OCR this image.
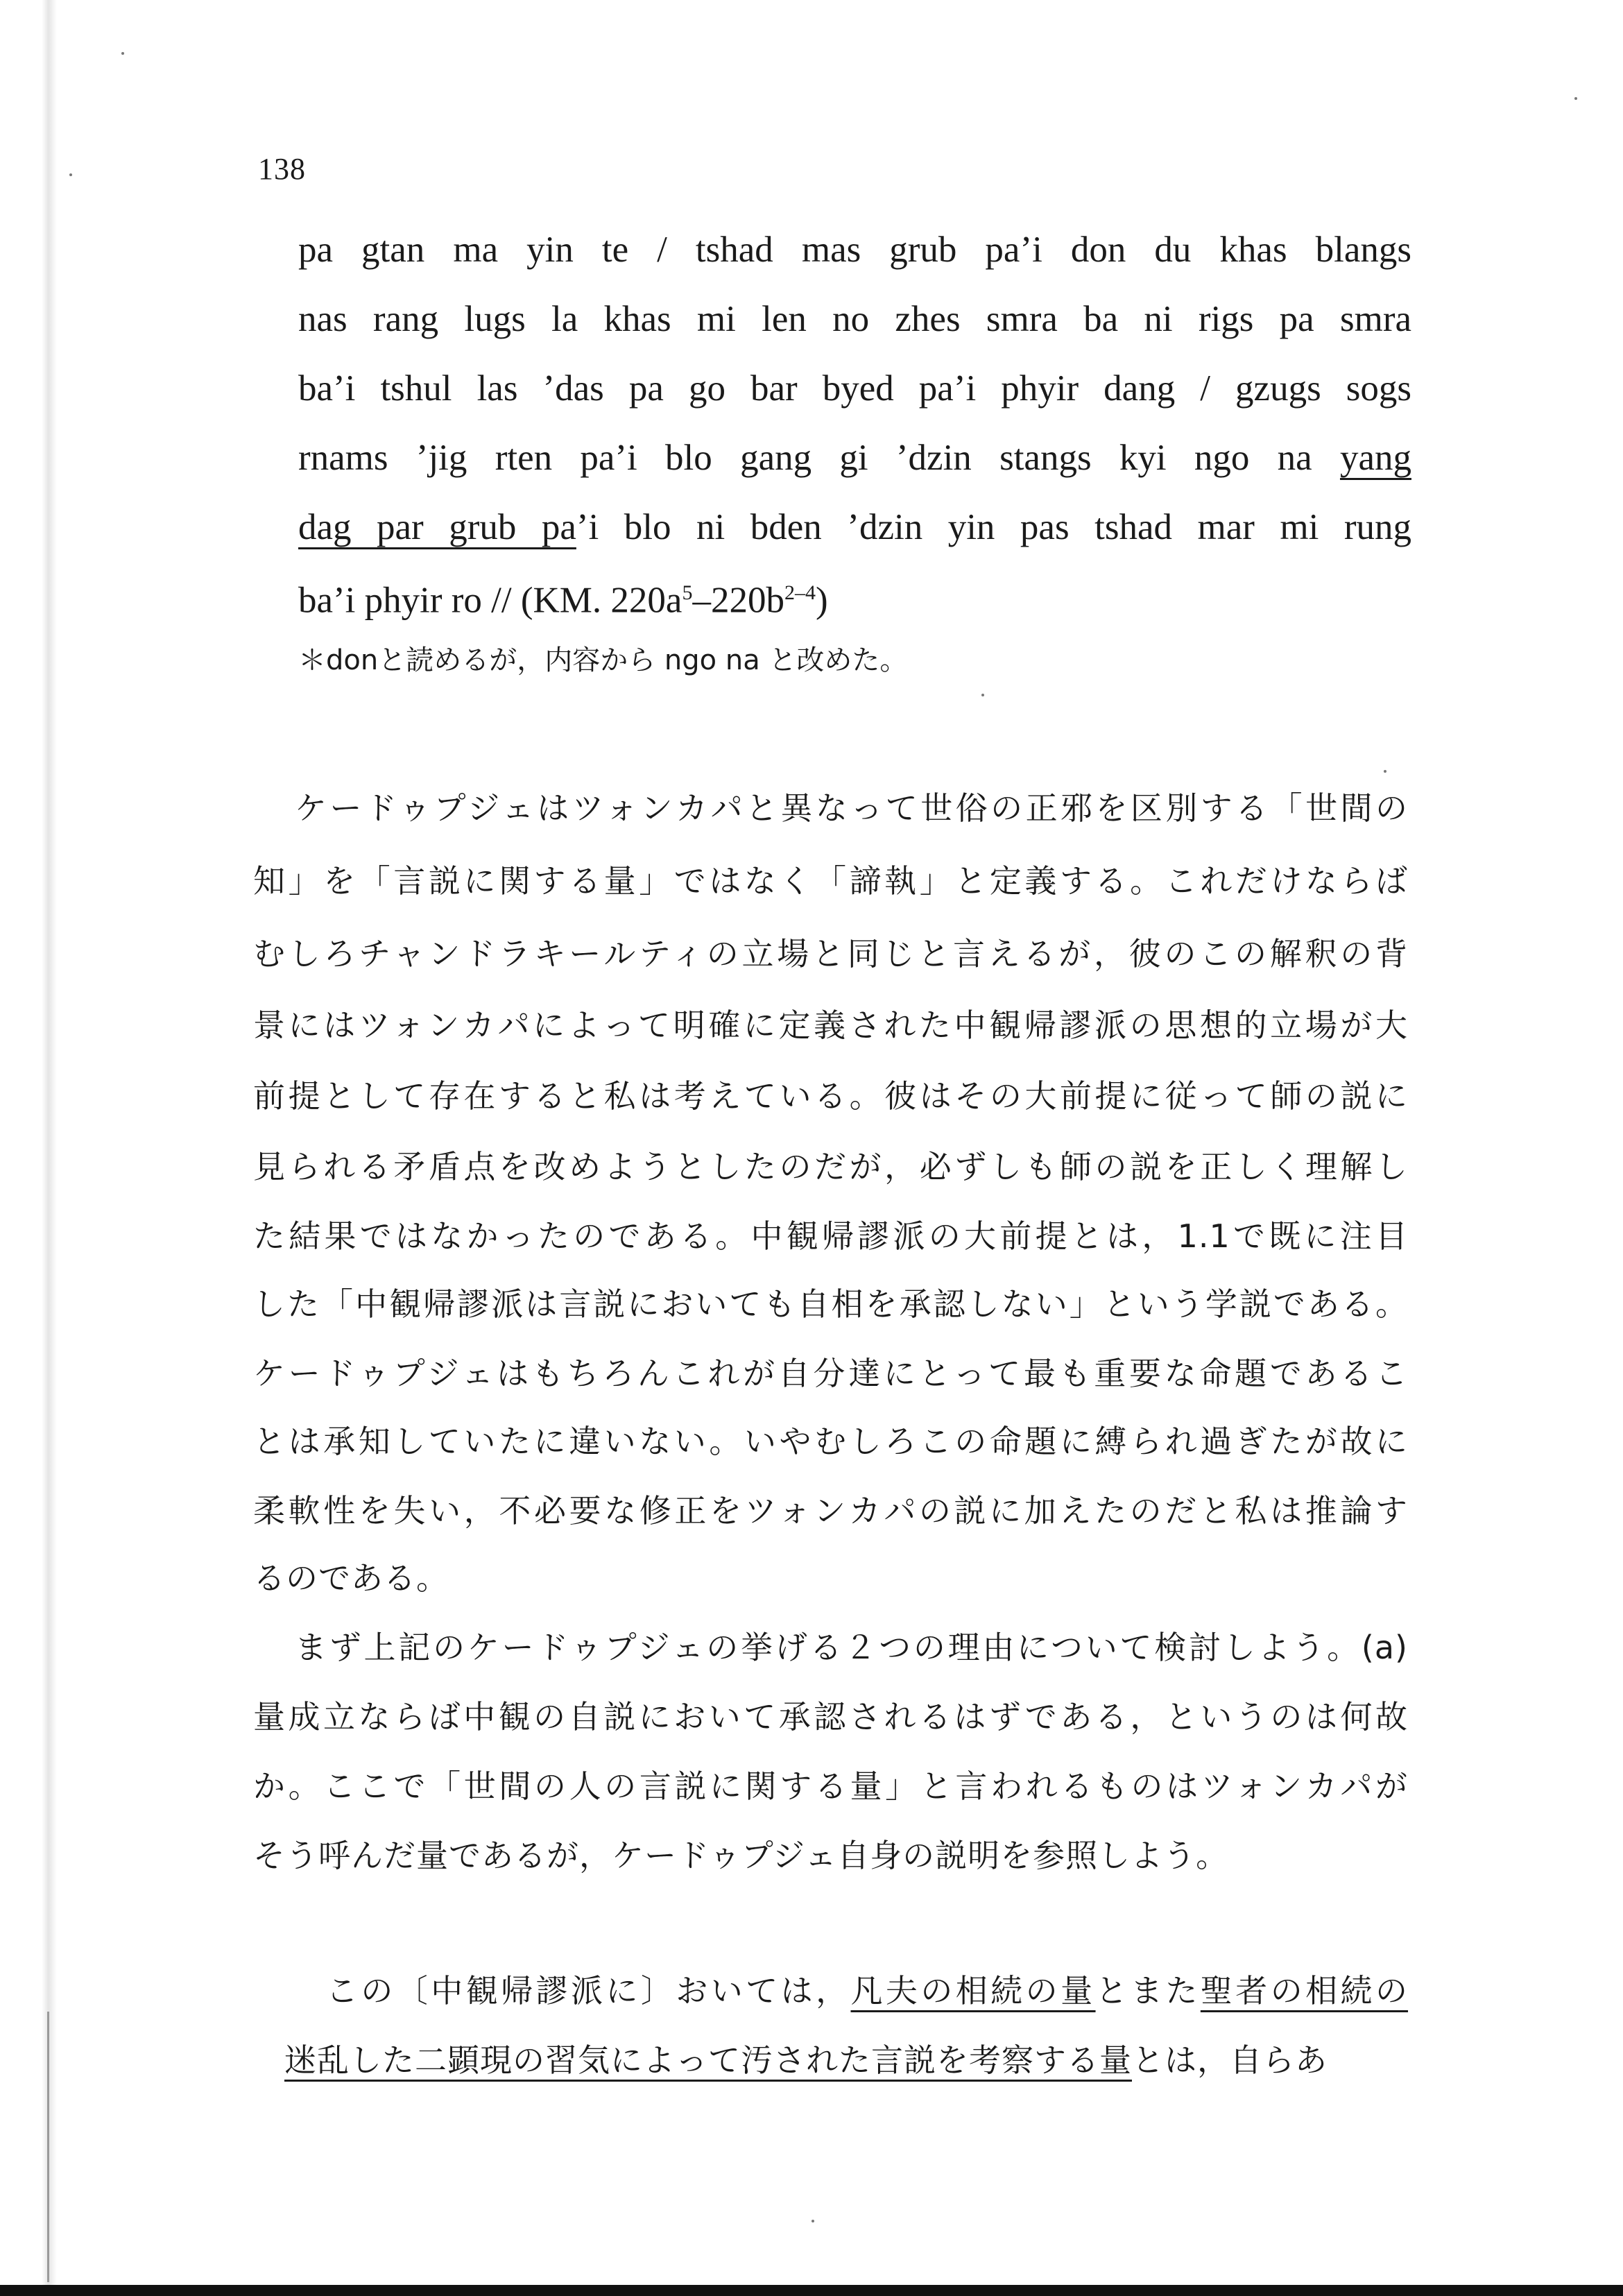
138
pa gtan ma yin te / tshad mas grub pa’i don du khas blangs
nas rang lugs la khas mi len no zhes smra ba ni rigs pa smra
ba’i tshul las ’das pa go bar byed pa’i phyir dang / gzugs sogs
rnams ’jig rten pa’i blo gang gi ’dzin stangs kyi ngo na yang
dag par grub pa’i blo ni bden ’dzin yin pas tshad mar mi rung
ba’i phyir ro // (KM. $220a^5-220b^{2-4}$)
＊donと読めるが，内容から ngo na と改めた。
ケードゥプジェはツォンカパと異なって世俗の正邪を区別する「世間の
知」を「言説に関する量」ではなく「諦執」と定義する。これだけならば
むしろチャンドラキールティの立場と同じと言えるが，彼のこの解釈の背
景にはツォンカパによって明確に定義された中観帰謬派の思想的立場が大
前提として存在すると私は考えている。彼はその大前提に従って師の説に
見られる矛盾点を改めようとしたのだが，必ずしも師の説を正しく理解し
た結果ではなかったのである。中観帰謬派の大前提とは，1.1で既に注目
した「中観帰謬派は言説においても自相を承認しない」という学説である。
ケードゥプジェはもちろんこれが自分達にとって最も重要な命題であるこ
とは承知していたに違いない。いやむしろこの命題に縛られ過ぎたが故に
柔軟性を失い，不必要な修正をツォンカパの説に加えたのだと私は推論す
るのである。
まず上記のケードゥプジェの挙げる２つの理由について検討しよう。(a)
量成立ならば中観の自説において承認されるはずである，というのは何故
か。ここで「世間の人の言説に関する量」と言われるものはツォンカパが
そう呼んだ量であるが，ケードゥプジェ自身の説明を参照しよう。
この〔中観帰謬派に〕おいては，凡夫の相続の量とまた聖者の相続の
迷乱した二顕現の習気によって汚された言説を考察する量とは，自らあ
